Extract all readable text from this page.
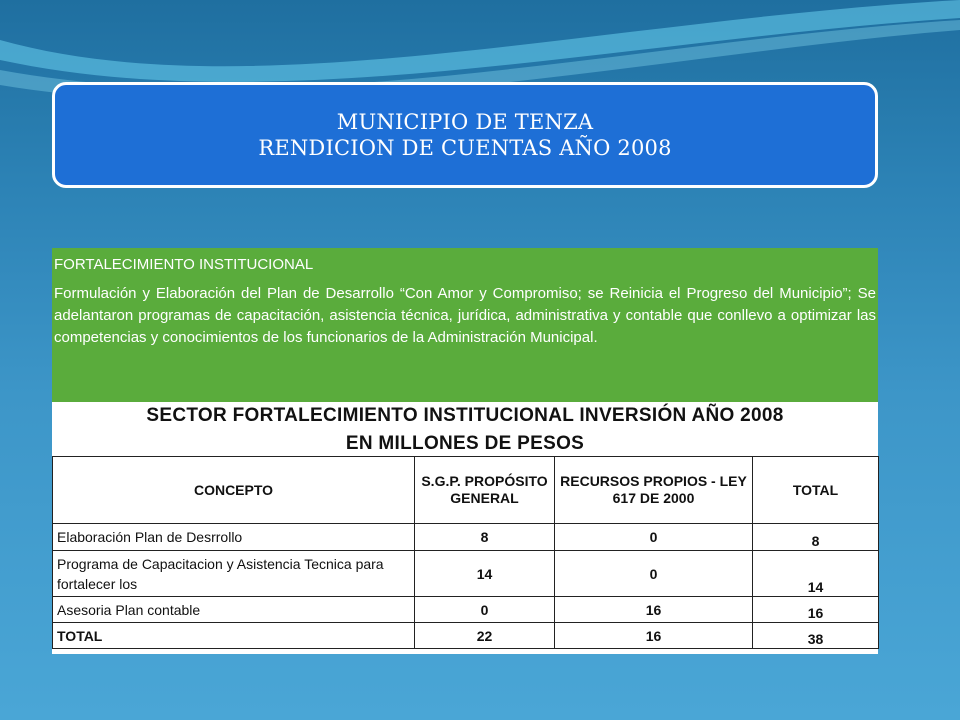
MUNICIPIO DE TENZA
RENDICION DE CUENTAS AÑO 2008

FORTALECIMIENTO INSTITUCIONAL

Formulación y Elaboración del Plan de Desarrollo “Con Amor y Compromiso; se Reinicia el Progreso del Municipio”; Se adelantaron programas de capacitación, asistencia técnica, jurídica, administrativa y contable que conllevo a optimizar las competencias y conocimientos de los funcionarios de la Administración Municipal.

SECTOR FORTALECIMIENTO INSTITUCIONAL INVERSIÓN AÑO 2008
EN MILLONES DE PESOS
CONCEPTO	S.G.P. PROPÓSITO GENERAL	RECURSOS PROPIOS - LEY 617 DE 2000	TOTAL
Elaboración Plan de Desrrollo	8	0	8
Programa de Capacitacion y Asistencia Tecnica para fortalecer los	14	0	14
Asesoria Plan contable	0	16	16
TOTAL	22	16	38
